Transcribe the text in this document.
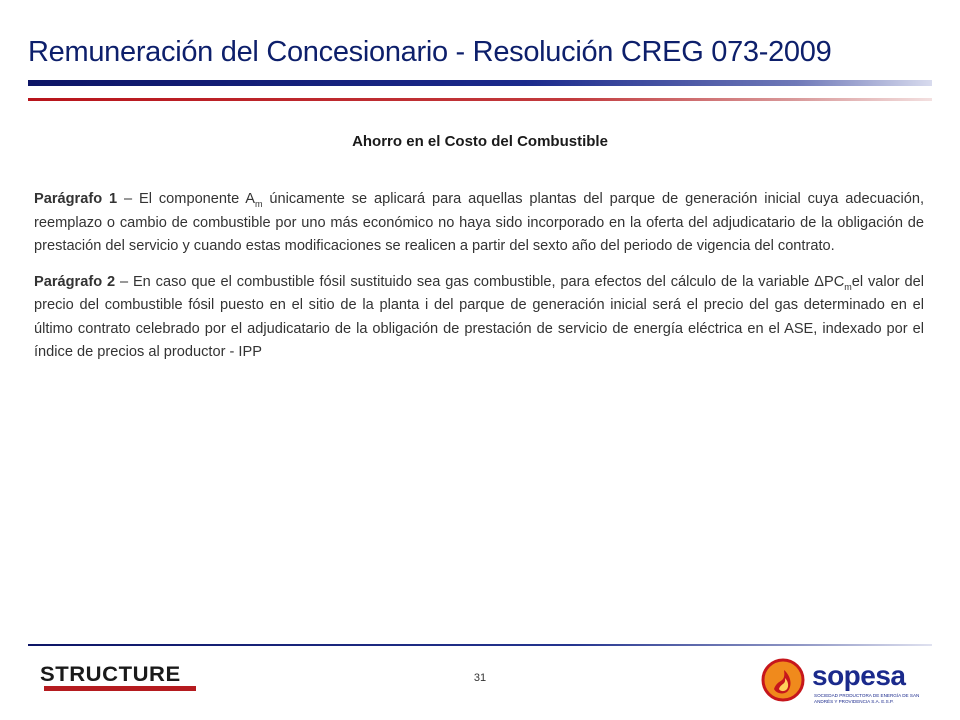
Remuneración del Concesionario - Resolución CREG 073-2009
Ahorro en el Costo del Combustible

Parágrafo 1 – El componente $A_m$ únicamente se aplicará para aquellas plantas del parque de generación inicial cuya adecuación, reemplazo o cambio de combustible por uno más económico no haya sido incorporado en la oferta del adjudicatario de la obligación de prestación del servicio y cuando estas modificaciones se realicen a partir del sexto año del periodo de vigencia del contrato.

Parágrafo 2 – En caso que el combustible fósil sustituido sea gas combustible, para efectos del cálculo de la variable $\Delta PC_mel$ valor del precio del combustible fósil puesto en el sitio de la planta i del parque de generación inicial será el precio del gas determinado en el último contrato celebrado por el adjudicatario de la obligación de prestación de servicio de energía eléctrica en el ASE, indexado por el índice de precios al productor - IPP

STRUCTURE	31	sopesa
SOCIEDAD PRODUCTORA DE ENERGÍA DE SAN ANDRÉS Y PROVIDENCIA S.A. E.S.P.
